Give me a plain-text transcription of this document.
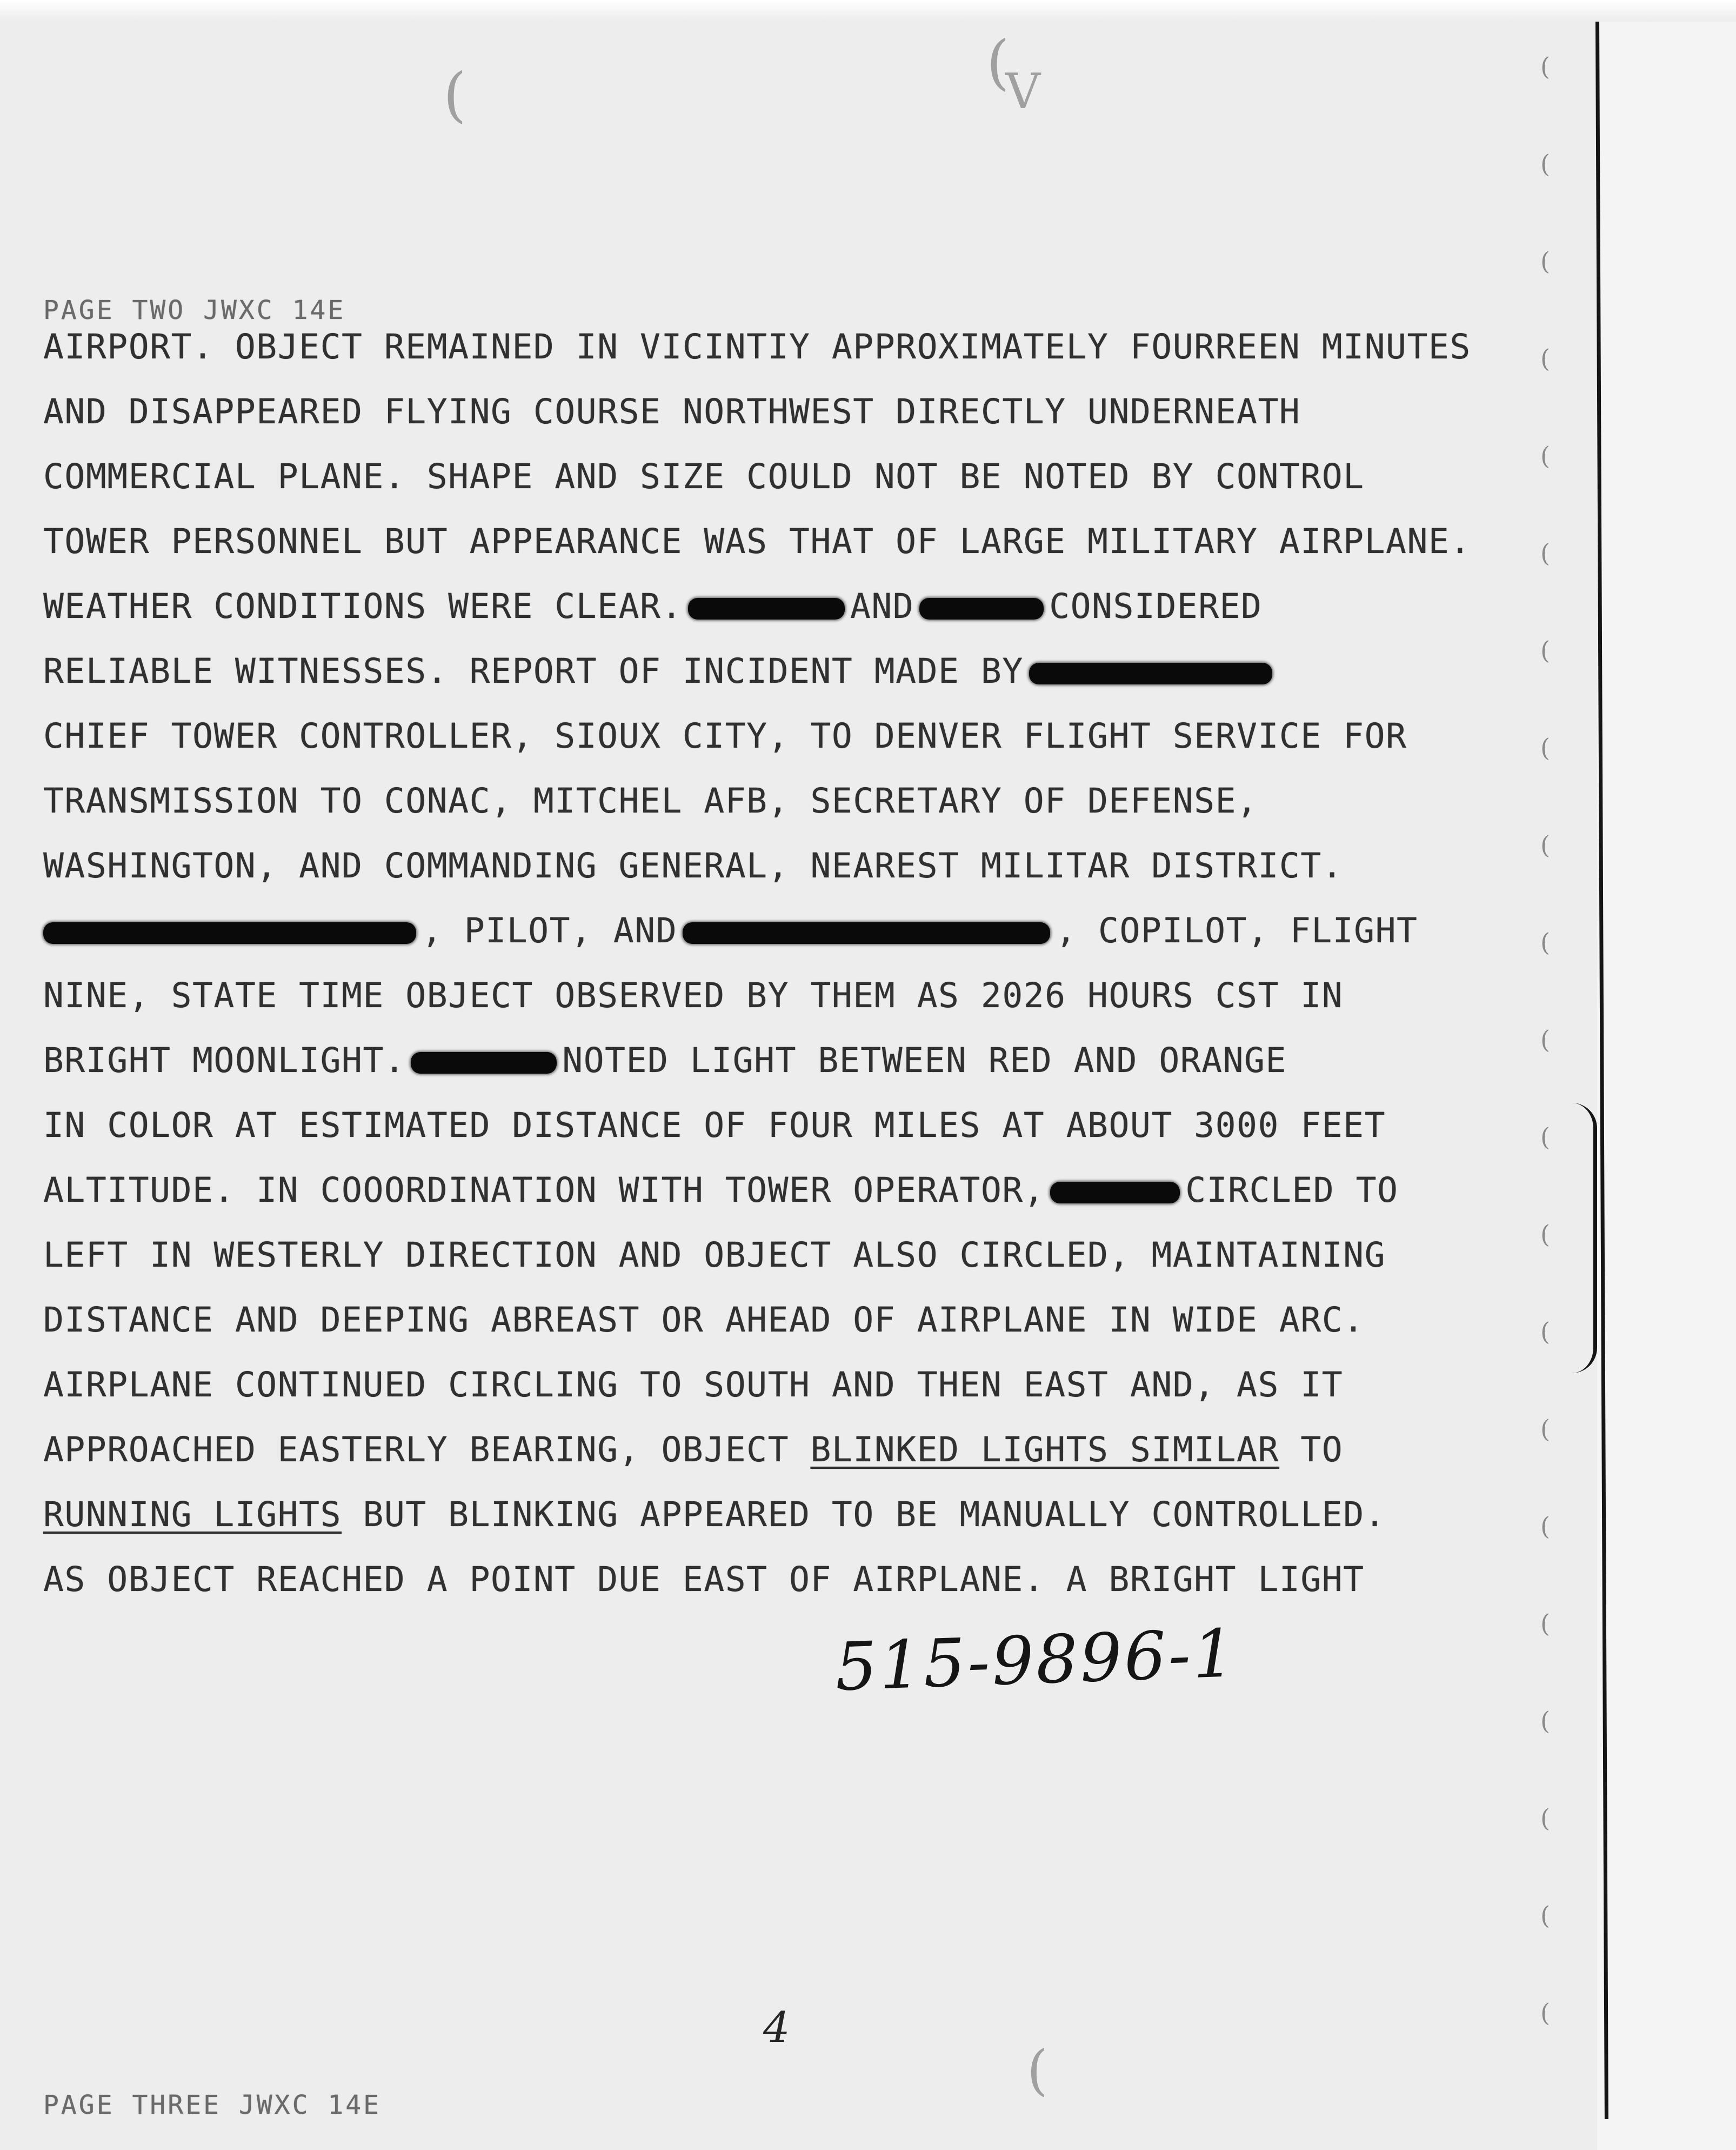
(
(
(
(
(
(
(
(
(
(
(
(
(
(
(
(
(
(
(
(
(
(	(
V
(

PAGE TWO JWXC 14E

AIRPORT. OBJECT REMAINED IN VICINTIY APPROXIMATELY FOURREEN MINUTES

AND DISAPPEARED FLYING COURSE NORTHWEST DIRECTLY UNDERNEATH

COMMERCIAL PLANE. SHAPE AND SIZE COULD NOT BE NOTED BY CONTROL

TOWER PERSONNEL BUT APPEARANCE WAS THAT OF LARGE MILITARY AIRPLANE.

WEATHER CONDITIONS WERE CLEAR.	AND	CONSIDERED

RELIABLE WITNESSES. REPORT OF INCIDENT MADE BY

CHIEF TOWER CONTROLLER, SIOUX CITY, TO DENVER FLIGHT SERVICE FOR

TRANSMISSION TO CONAC, MITCHEL AFB, SECRETARY OF DEFENSE,

WASHINGTON, AND COMMANDING GENERAL, NEAREST MILITAR DISTRICT.

, PILOT, AND	, COPILOT, FLIGHT

NINE, STATE TIME OBJECT OBSERVED BY THEM AS 2026 HOURS CST IN

BRIGHT MOONLIGHT.	NOTED LIGHT BETWEEN RED AND ORANGE

IN COLOR AT ESTIMATED DISTANCE OF FOUR MILES AT ABOUT 3000 FEET

ALTITUDE. IN COOORDINATION WITH TOWER OPERATOR,	CIRCLED TO

LEFT IN WESTERLY DIRECTION AND OBJECT ALSO CIRCLED, MAINTAINING

DISTANCE AND DEEPING ABREAST OR AHEAD OF AIRPLANE IN WIDE ARC.

AIRPLANE CONTINUED CIRCLING TO SOUTH AND THEN EAST AND, AS IT

APPROACHED EASTERLY BEARING, OBJECT BLINKED LIGHTS SIMILAR TO

RUNNING LIGHTS BUT BLINKING APPEARED TO BE MANUALLY CONTROLLED.

AS OBJECT REACHED A POINT DUE EAST OF AIRPLANE. A BRIGHT LIGHT

515-9896-1
4

PAGE THREE JWXC 14E
